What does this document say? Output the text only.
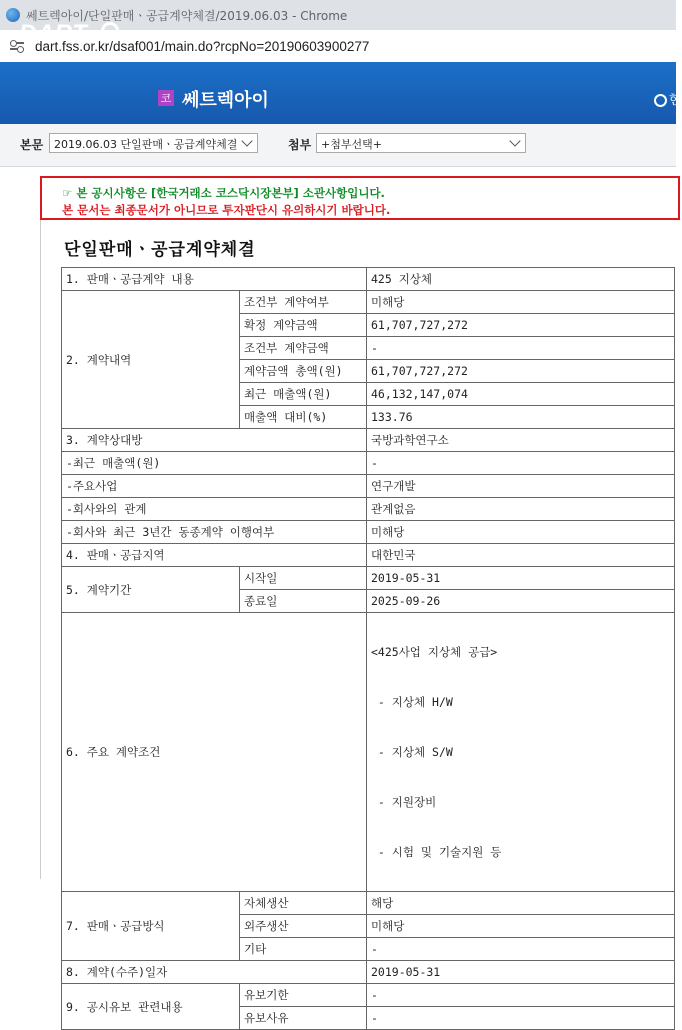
쎄트렉아이/단일판매ㆍ공급계약체결/2019.06.03 - Chrome
dart.fss.or.kr/dsaf001/main.do?rcpNo=20190603900277
DART
코 쎄트렉아이	한
본문 2019.06.03 단일판매ㆍ공급계약체결	첨부 +첨부선택+
☞ 본 공시사항은 [한국거래소 코스닥시장본부] 소관사항입니다.
본 문서는 최종문서가 아니므로 투자판단시 유의하시기 바랍니다.
단일판매ㆍ공급계약체결
1. 판매ㆍ공급계약 내용		425 지상체
2. 계약내역	조건부 계약여부	미해당
	확정 계약금액	61,707,727,272
	조건부 계약금액	-
	계약금액 총액(원)	61,707,727,272
	최근 매출액(원)	46,132,147,074
	매출액 대비(%)	133.76
3. 계약상대방		국방과학연구소
-최근 매출액(원)		-
-주요사업		연구개발
-회사와의 관계		관계없음
-회사와 최근 3년간 동종계약 이행여부		미해당
4. 판매ㆍ공급지역		대한민국
5. 계약기간	시작일	2019-05-31
	종료일	2025-09-26
6. 주요 계약조건		<425사업 지상체 공급>

- 지상체 H/W

- 지상체 S/W

- 지원장비

- 시험 및 기술지원 등

7. 판매ㆍ공급방식	자체생산	해당
	외주생산	미해당
	기타	-
8. 계약(수주)일자		2019-05-31
9. 공시유보 관련내용	유보기한	-
	유보사유	-
